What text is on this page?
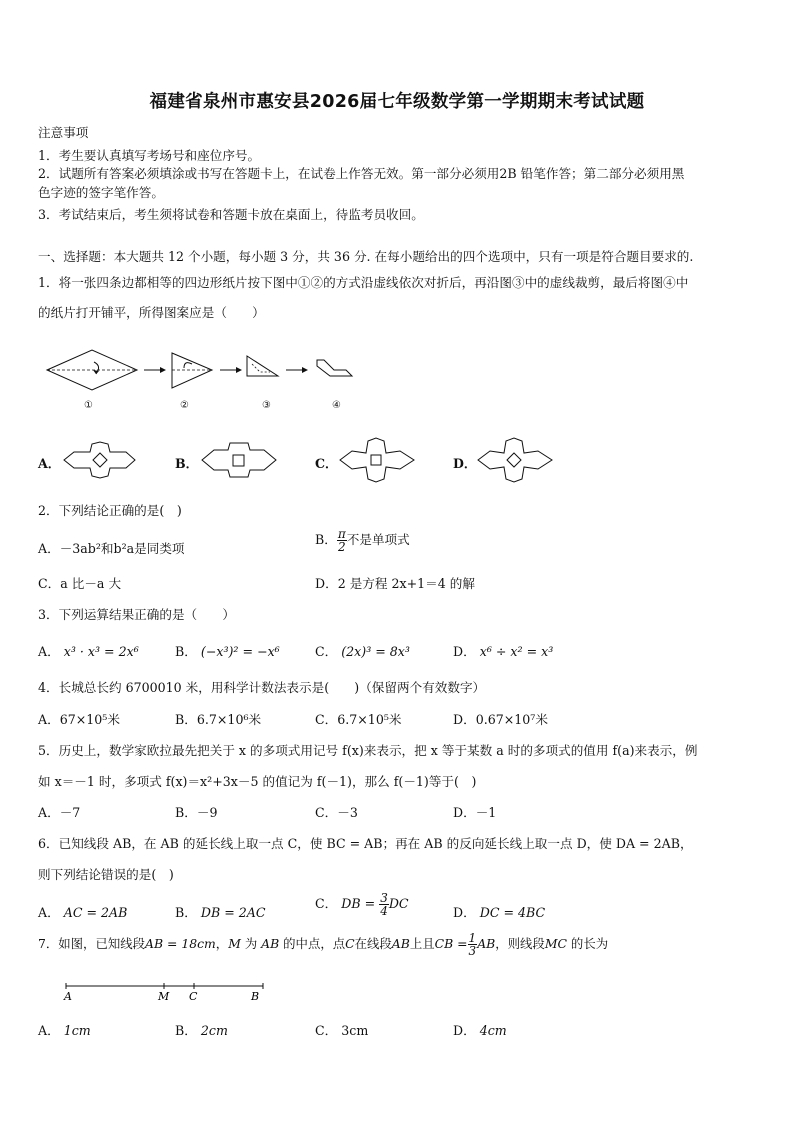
福建省泉州市惠安县2026届七年级数学第一学期期末考试试题
注意事项
1．考生要认真填写考场号和座位序号。
2．试题所有答案必须填涂或书写在答题卡上，在试卷上作答无效。第一部分必须用2B 铅笔作答；第二部分必须用黑
色字迹的签字笔作答。
3．考试结束后，考生须将试卷和答题卡放在桌面上，待监考员收回。
一、选择题：本大题共 12 个小题，每小题 3 分，共 36 分. 在每小题给出的四个选项中，只有一项是符合题目要求的.
1．将一张四条边都相等的四边形纸片按下图中①②的方式沿虚线依次对折后，再沿图③中的虚线裁剪，最后将图④中
的纸片打开铺平，所得图案应是（　　）
①	②	③	④
A．	B．	C．	D．
2．下列结论正确的是(　)
A．－3ab²和b²a是同类项
B． $\frac{\pi}{2}$ 不是单项式
C．a 比－a 大	D．2 是方程 2x+1＝4 的解
3．下列运算结果正确的是（　　）
A． x³ · x³ = 2x⁶	B． (−x³)² = −x⁶	C． (2x)³ = 8x³	D． x⁶ ÷ x² = x³
4．长城总长约 6700010 米，用科学计数法表示是(　　)（保留两个有效数字）
A．67×10⁵米	B．6.7×10⁶米	C．6.7×10⁵米	D．0.67×10⁷米
5．历史上，数学家欧拉最先把关于 x 的多项式用记号 f(x)来表示，把 x 等于某数 a 时的多项式的值用 f(a)来表示，例
如 x＝－1 时，多项式 f(x)＝x²+3x－5 的值记为 f(－1)，那么 f(－1)等于(　)
A．－7	B．－9	C．－3	D．－1
6．已知线段 AB，在 AB 的延长线上取一点 C，使 BC = AB；再在 AB 的反向延长线上取一点 D，使 DA = 2AB，
则下列结论错误的是(　)
A． AC = 2AB	B． DB = 2AC
C． DB = $\frac{3}{4}$ DC
D． DC = 4BC
7．如图，已知线段AB = 18cm，M 为 AB 的中点，点C在线段AB上且CB = $\frac{1}{3}$ AB，则线段MC 的长为
A	M C	B
A． 1cm	B． 2cm	C． 3cm	D． 4cm
